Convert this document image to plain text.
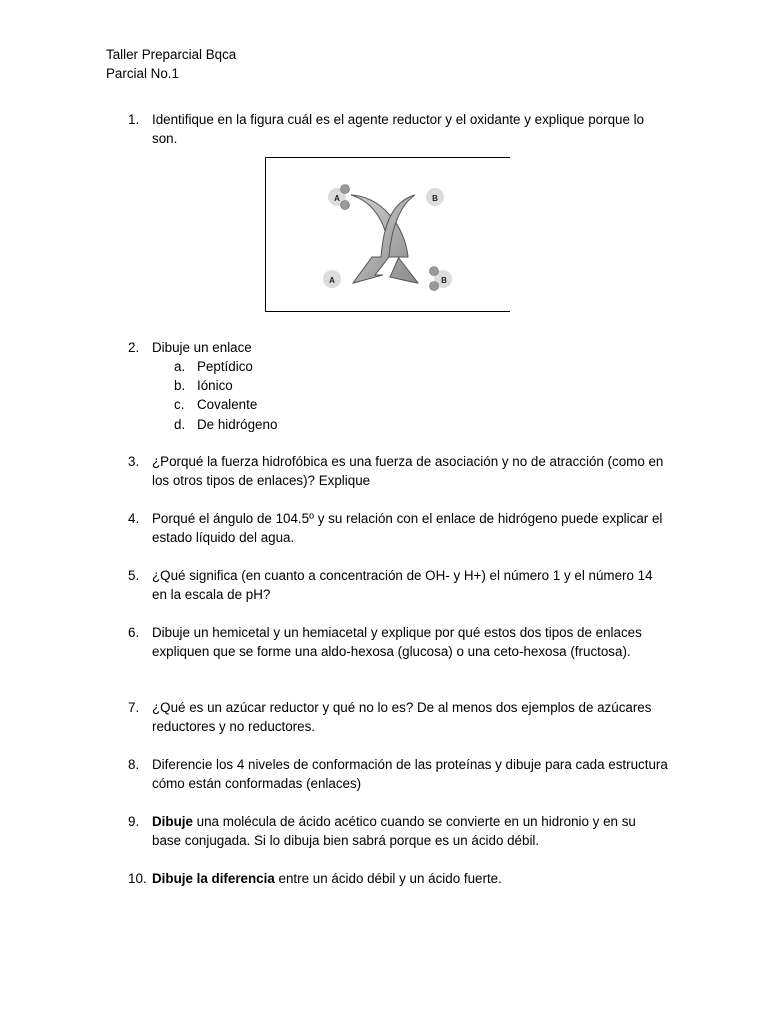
Taller Preparcial Bqca
Parcial No.1
1. Identifique en la figura cuál es el agente reductor y el oxidante y explique porque lo son.
A	B
A	B
2. Dibuje un enlace
a. Peptídico
b. Iónico
c. Covalente
d. De hidrógeno
3. ¿Porqué la fuerza hidrofóbica es una fuerza de asociación y no de atracción (como en los otros tipos de enlaces)? Explique
4. Porqué el ángulo de 104.5º y su relación con el enlace de hidrógeno puede explicar el estado líquido del agua.
5. ¿Qué significa (en cuanto a concentración de OH- y H+) el número 1 y el número 14 en la escala de pH?
6. Dibuje un hemicetal y un hemiacetal y explique por qué estos dos tipos de enlaces expliquen que se forme una aldo-hexosa (glucosa) o una ceto-hexosa (fructosa).
7. ¿Qué es un azúcar reductor y qué no lo es? De al menos dos ejemplos de azúcares reductores y no reductores.
8. Diferencie los 4 niveles de conformación de las proteínas y dibuje para cada estructura cómo están conformadas (enlaces)
9. Dibuje una molécula de ácido acético cuando se convierte en un hidronio y en su base conjugada. Si lo dibuja bien sabrá porque es un ácido débil.
10. Dibuje la diferencia entre un ácido débil y un ácido fuerte.
